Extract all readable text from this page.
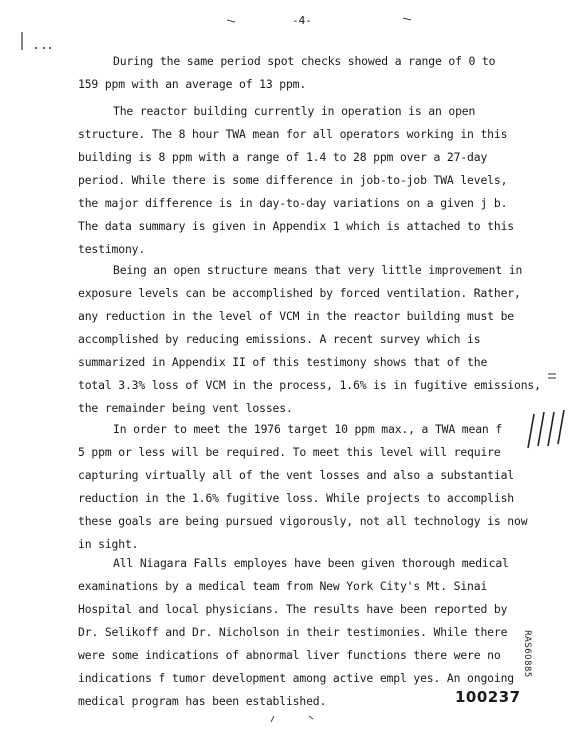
-4-
During the same period spot checks showed a range of 0 to
159 ppm with an average of 13 ppm.
The reactor building currently in operation is an open
structure. The 8 hour TWA mean for all operators working in this
building is 8 ppm with a range of 1.4 to 28 ppm over a 27-day
period. While there is some difference in job-to-job TWA levels,
the major difference is in day-to-day variations on a given j b.
The data summary is given in Appendix 1 which is attached to this
testimony.
Being an open structure means that very little improvement in
exposure levels can be accomplished by forced ventilation. Rather,
any reduction in the level of VCM in the reactor building must be
accomplished by reducing emissions. A recent survey which is
summarized in Appendix II of this testimony shows that of the
total 3.3% loss of VCM in the process, 1.6% is in fugitive emissions,
the remainder being vent losses.
In order to meet the 1976 target 10 ppm max., a TWA mean f
5 ppm or less will be required. To meet this level will require
capturing virtually all of the vent losses and also a substantial
reduction in the 1.6% fugitive loss. While projects to accomplish
these goals are being pursued vigorously, not all technology is now
in sight.
All Niagara Falls employes have been given thorough medical
examinations by a medical team from New York City's Mt. Sinai
Hospital and local physicians. The results have been reported by
Dr. Selikoff and Dr. Nicholson in their testimonies. While there
were some indications of abnormal liver functions there were no
indications f tumor development among active empl yes. An ongoing
medical program has been established.	100237
RAS60885
